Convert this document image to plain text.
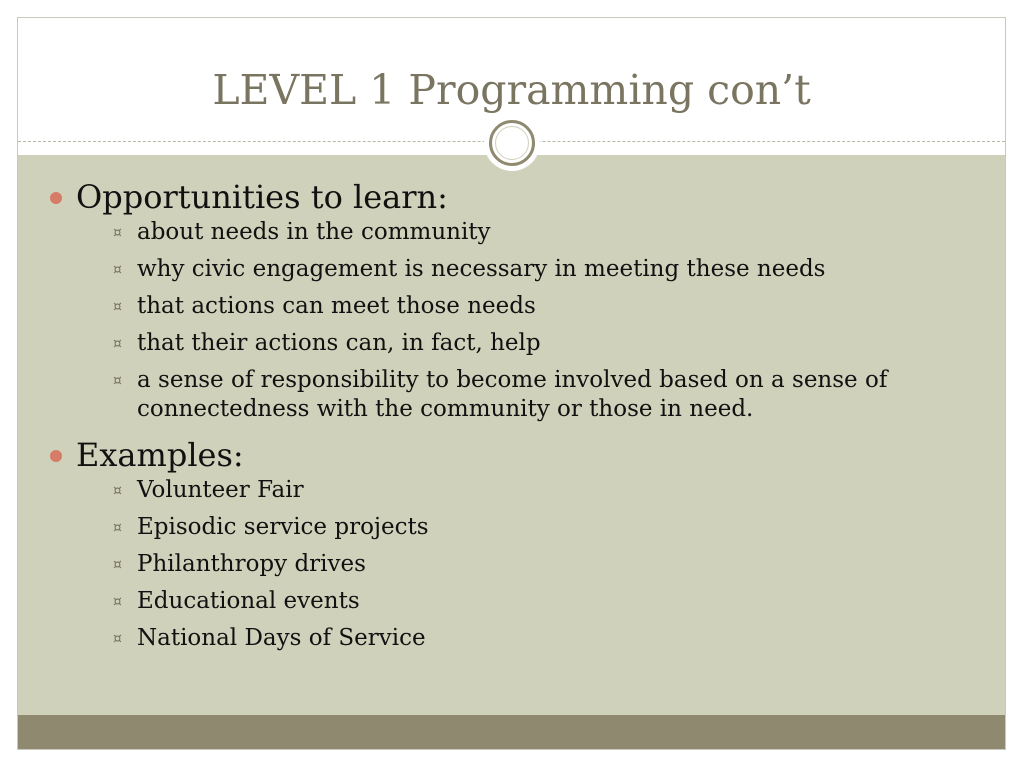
LEVEL 1 Programming con’t
Opportunities to learn:
¤ about needs in the community
¤ why civic engagement is necessary in meeting these needs
¤ that actions can meet those needs
¤ that their actions can, in fact, help
¤ a sense of responsibility to become involved based on a sense of connectedness with the community or those in need.
Examples:
¤ Volunteer Fair
¤ Episodic service projects
¤ Philanthropy drives
¤ Educational events
¤ National Days of Service
